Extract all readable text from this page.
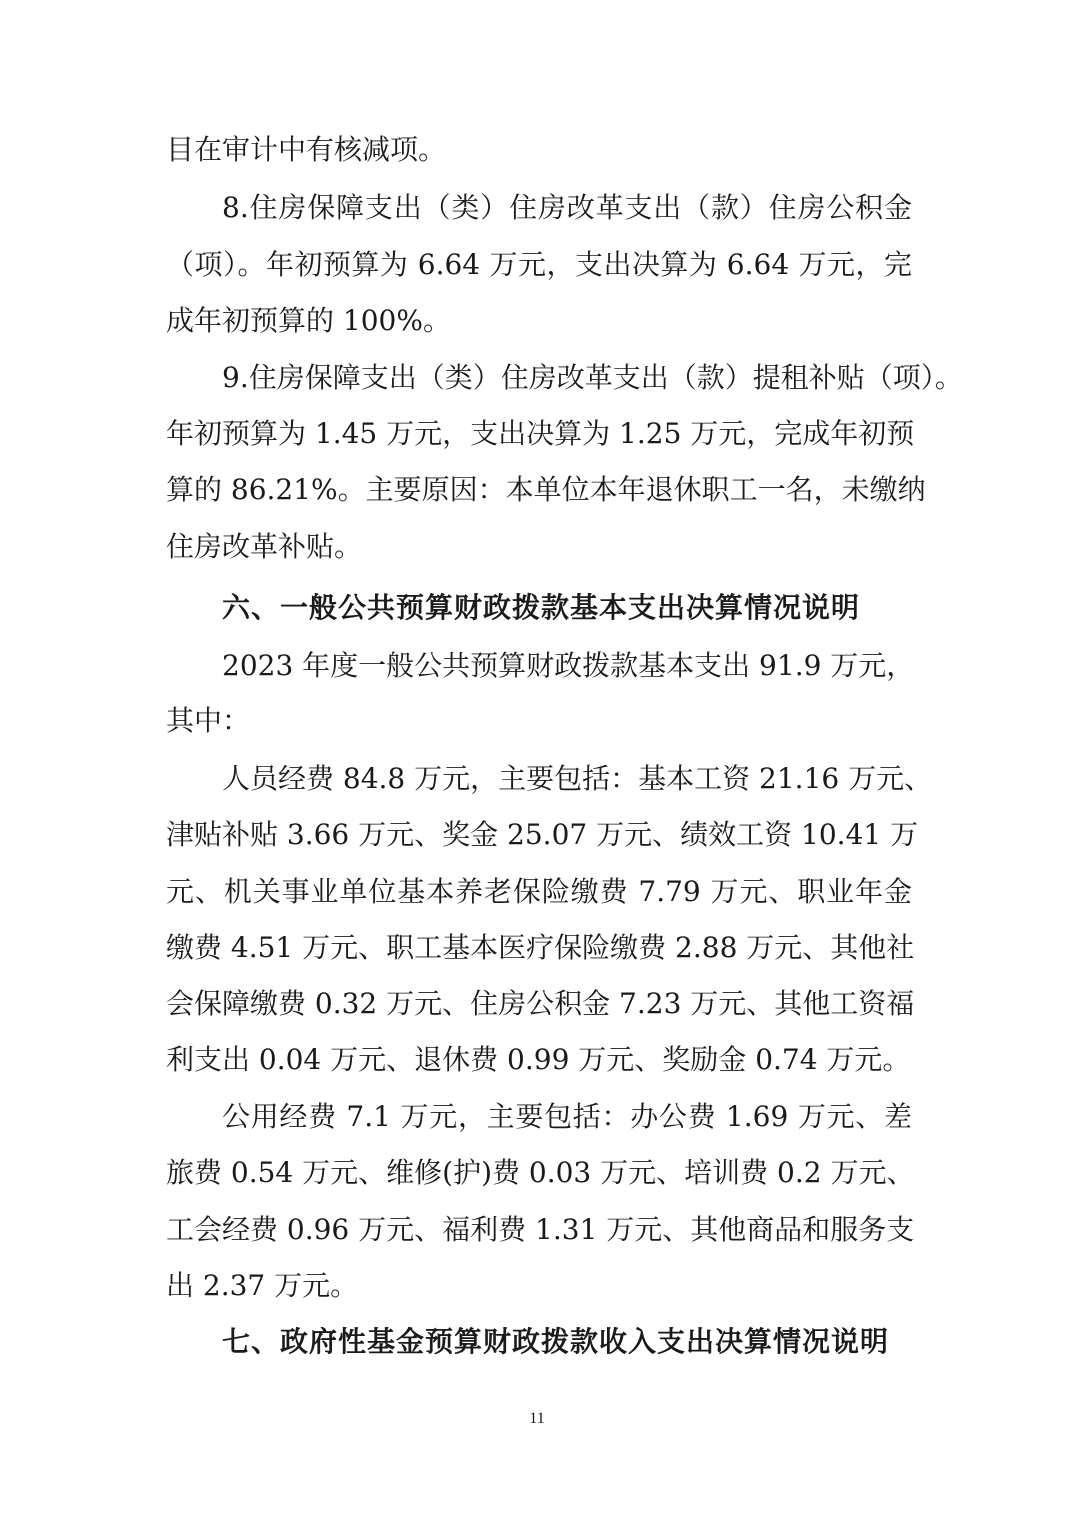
目在审计中有核减项。
8.住房保障支出（类）住房改革支出（款）住房公积金
（项）。年初预算为 6.64 万元，支出决算为 6.64 万元，完
成年初预算的 100%。
9.住房保障支出（类）住房改革支出（款）提租补贴（项）。
年初预算为 1.45 万元，支出决算为 1.25 万元，完成年初预
算的 86.21%。主要原因：本单位本年退休职工一名，未缴纳
住房改革补贴。
六、一般公共预算财政拨款基本支出决算情况说明
2023 年度一般公共预算财政拨款基本支出 91.9 万元，
其中：
人员经费 84.8 万元，主要包括：基本工资 21.16 万元、
津贴补贴 3.66 万元、奖金 25.07 万元、绩效工资 10.41 万
元、机关事业单位基本养老保险缴费 7.79 万元、职业年金
缴费 4.51 万元、职工基本医疗保险缴费 2.88 万元、其他社
会保障缴费 0.32 万元、住房公积金 7.23 万元、其他工资福
利支出 0.04 万元、退休费 0.99 万元、奖励金 0.74 万元。
公用经费 7.1 万元，主要包括：办公费 1.69 万元、差
旅费 0.54 万元、维修(护)费 0.03 万元、培训费 0.2 万元、
工会经费 0.96 万元、福利费 1.31 万元、其他商品和服务支
出 2.37 万元。
七、政府性基金预算财政拨款收入支出决算情况说明
11
